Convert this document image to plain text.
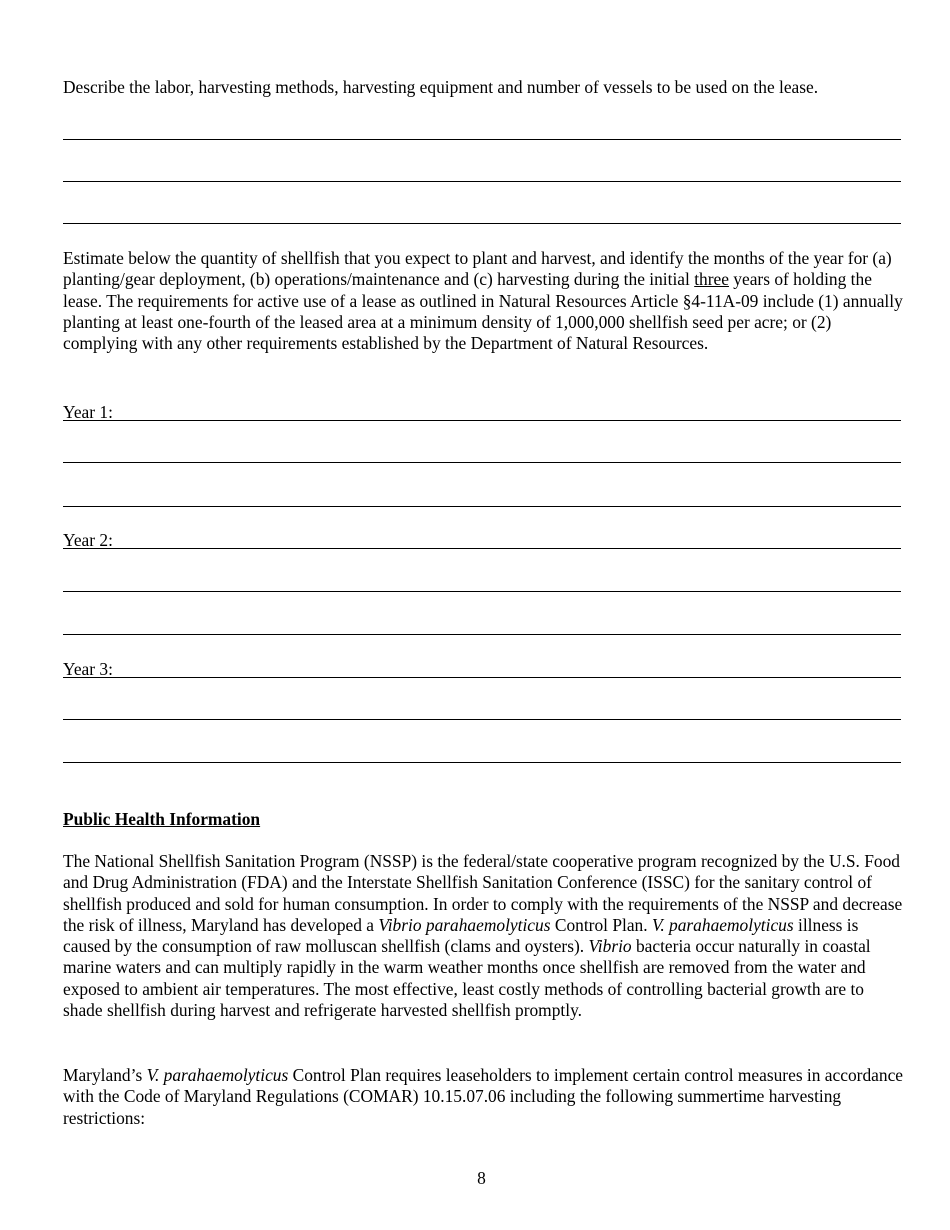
Describe the labor, harvesting methods, harvesting equipment and number of vessels to be used on the lease.

Estimate below the quantity of shellfish that you expect to plant and harvest, and identify the months of the year for (a) planting/gear deployment, (b) operations/maintenance and (c) harvesting during the initial three years of holding the lease. The requirements for active use of a lease as outlined in Natural Resources Article §4-11A-09 include (1) annually planting at least one-fourth of the leased area at a minimum density of 1,000,000 shellfish seed per acre; or (2) complying with any other requirements established by the Department of Natural Resources.

Year 1:
Year 2:
Year 3:
Public Health Information

The National Shellfish Sanitation Program (NSSP) is the federal/state cooperative program recognized by the U.S. Food and Drug Administration (FDA) and the Interstate Shellfish Sanitation Conference (ISSC) for the sanitary control of shellfish produced and sold for human consumption. In order to comply with the requirements of the NSSP and decrease the risk of illness, Maryland has developed a Vibrio parahaemolyticus Control Plan. V. parahaemolyticus illness is caused by the consumption of raw molluscan shellfish (clams and oysters). Vibrio bacteria occur naturally in coastal marine waters and can multiply rapidly in the warm weather months once shellfish are removed from the water and exposed to ambient air temperatures. The most effective, least costly methods of controlling bacterial growth are to shade shellfish during harvest and refrigerate harvested shellfish promptly.

Maryland’s V. parahaemolyticus Control Plan requires leaseholders to implement certain control measures in accordance with the Code of Maryland Regulations (COMAR) 10.15.07.06 including the following summertime harvesting restrictions:

8
